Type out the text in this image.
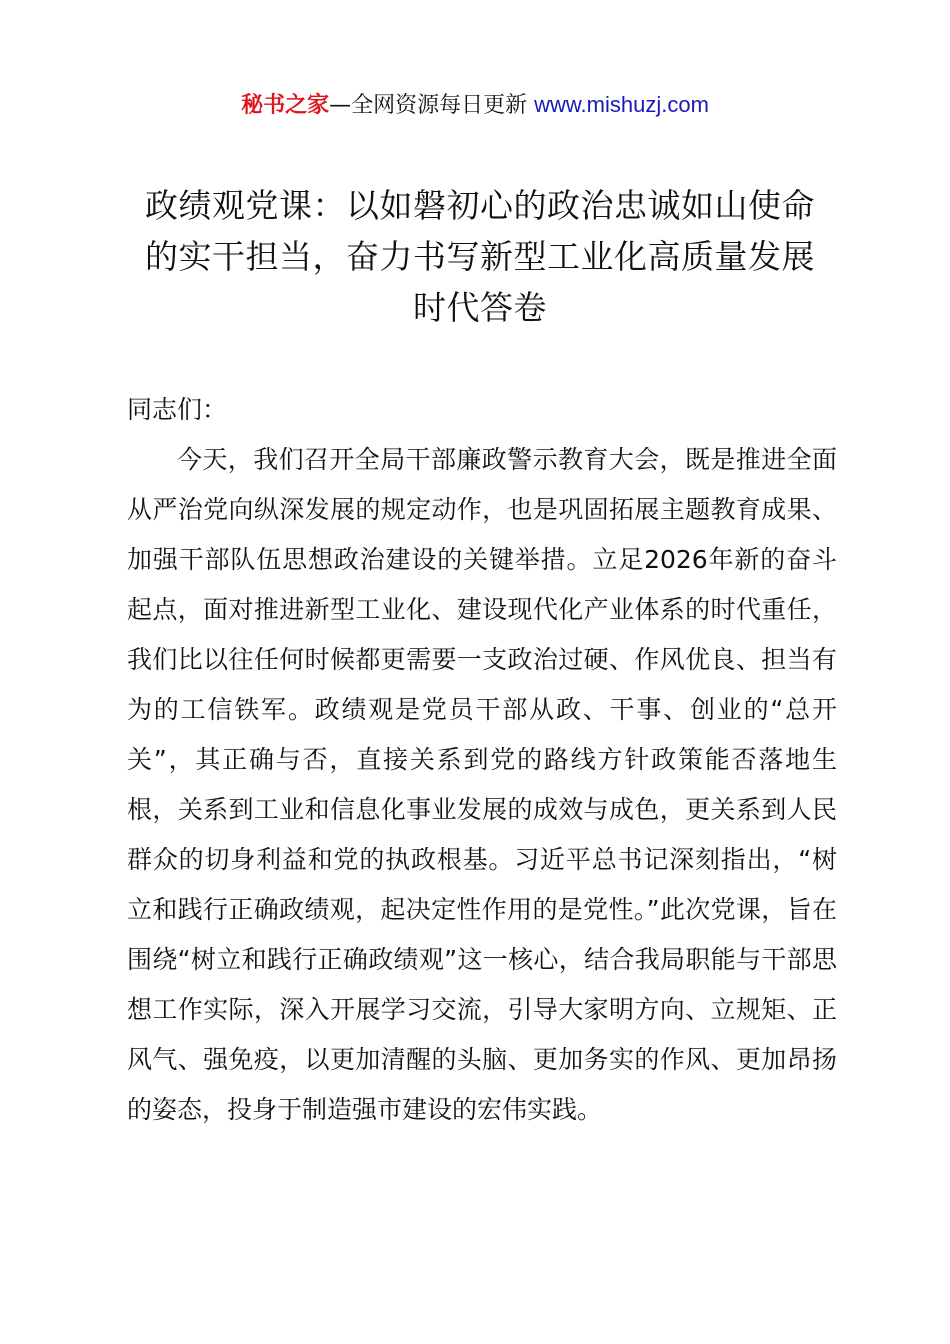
秘书之家—全网资源每日更新 www.mishuzj.com
政绩观党课：以如磐初心的政治忠诚如山使命
的实干担当，奋力书写新型工业化高质量发展
时代答卷

同志们：

今天，我们召开全局干部廉政警示教育大会，既是推进全面从严治党向纵深发展的规定动作，也是巩固拓展主题教育成果、加强干部队伍思想政治建设的关键举措。立足2026年新的奋斗起点，面对推进新型工业化、建设现代化产业体系的时代重任，我们比以往任何时候都更需要一支政治过硬、作风优良、担当有为的工信铁军。政绩观是党员干部从政、干事、创业的“总开关”，其正确与否，直接关系到党的路线方针政策能否落地生根，关系到工业和信息化事业发展的成效与成色，更关系到人民群众的切身利益和党的执政根基。习近平总书记深刻指出，“树立和践行正确政绩观，起决定性作用的是党性。”此次党课，旨在围绕“树立和践行正确政绩观”这一核心，结合我局职能与干部思想工作实际，深入开展学习交流，引导大家明方向、立规矩、正风气、强免疫，以更加清醒的头脑、更加务实的作风、更加昂扬的姿态，投身于制造强市建设的宏伟实践。
